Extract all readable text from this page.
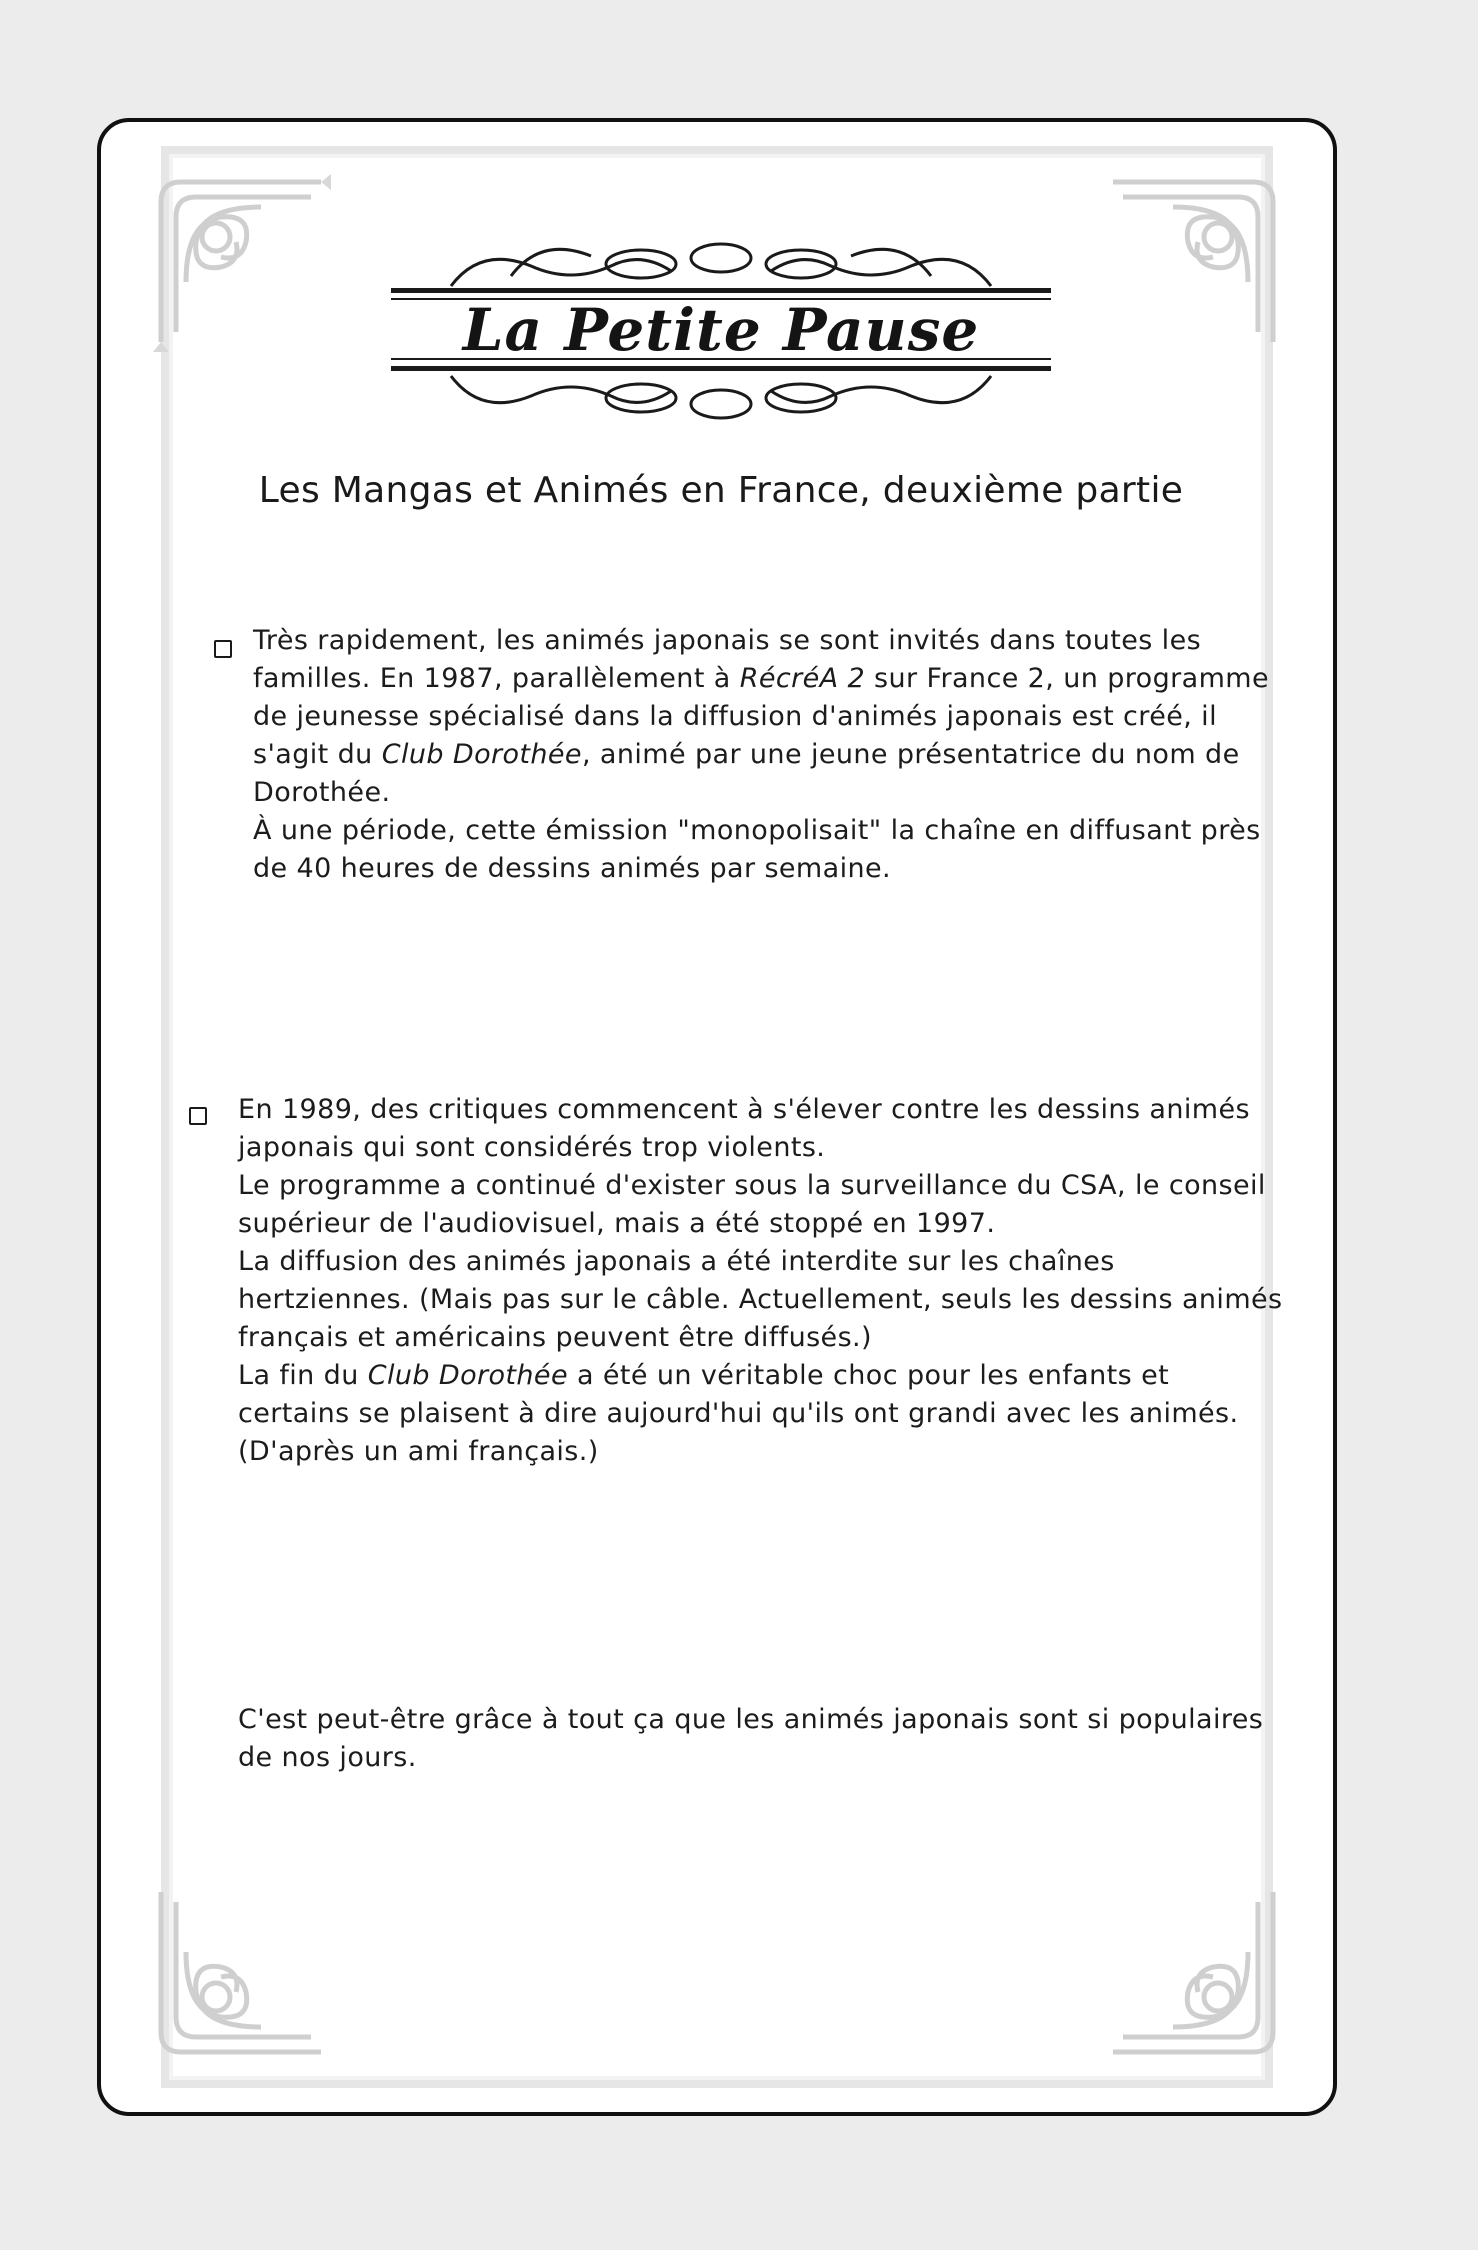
La Petite Pause
Les Mangas et Animés en France, deuxième partie

Très rapidement, les animés japonais se sont invités dans toutes les familles. En 1987, parallèlement à RécréA 2 sur France 2, un programme de jeunesse spécialisé dans la diffusion d'animés japonais est créé, il s'agit du Club Dorothée, animé par une jeune présentatrice du nom de Dorothée.

À une période, cette émission "monopolisait" la chaîne en diffusant près de 40 heures de dessins animés par semaine.

En 1989, des critiques commencent à s'élever contre les dessins animés japonais qui sont considérés trop violents.

Le programme a continué d'exister sous la surveillance du CSA, le conseil supérieur de l'audiovisuel, mais a été stoppé en 1997.

La diffusion des animés japonais a été interdite sur les chaînes hertziennes. (Mais pas sur le câble. Actuellement, seuls les dessins animés français et américains peuvent être diffusés.)

La fin du Club Dorothée a été un véritable choc pour les enfants et certains se plaisent à dire aujourd'hui qu'ils ont grandi avec les animés.

(D'après un ami français.)

C'est peut-être grâce à tout ça que les animés japonais sont si populaires de nos jours.
